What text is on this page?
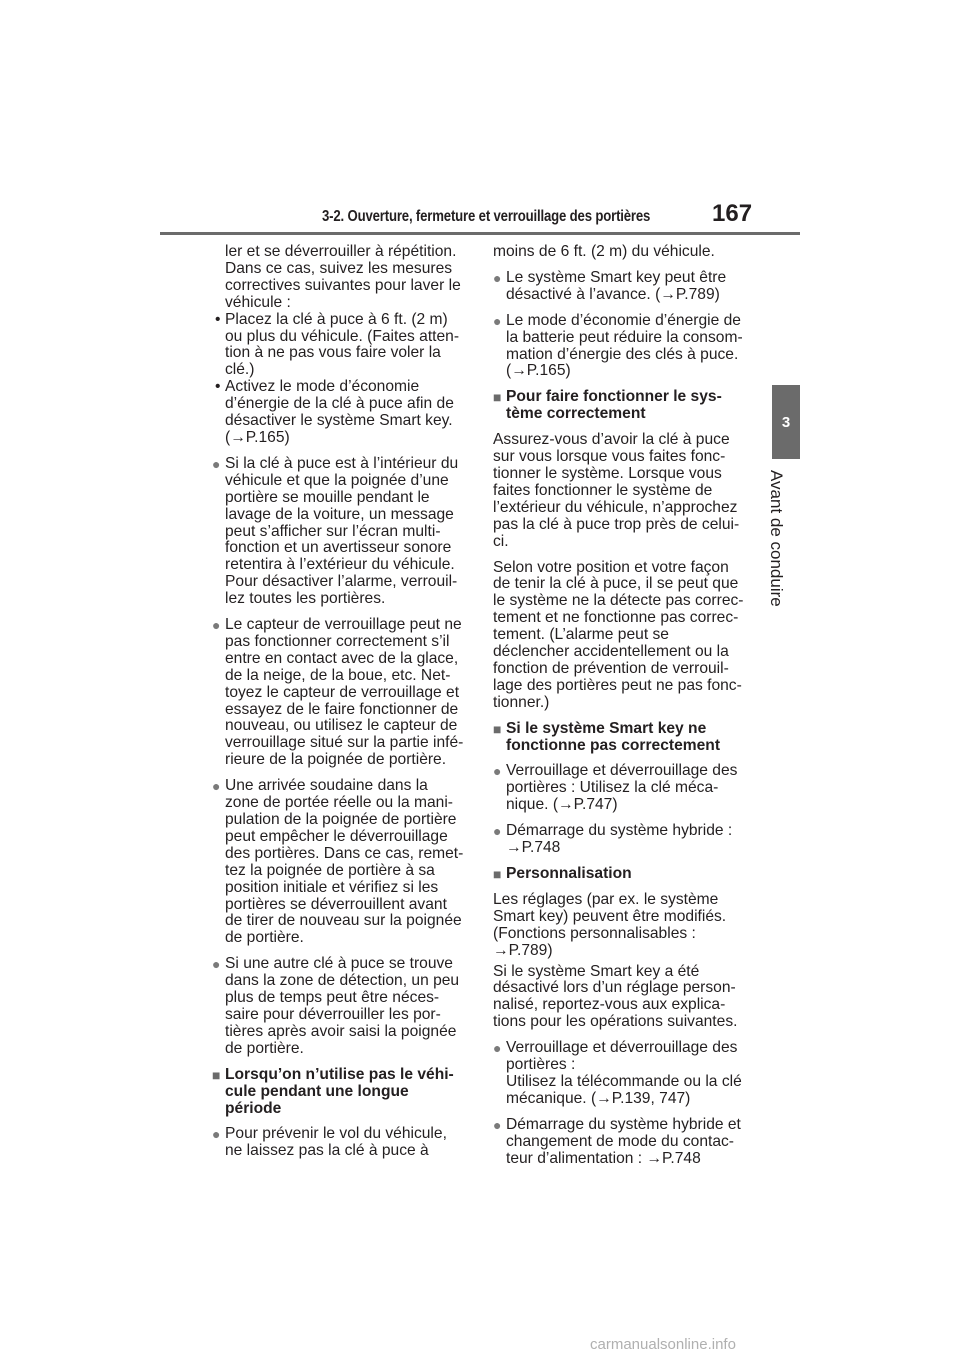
3-2. Ouverture, fermeture et verrouillage des portières	167
3
Avant de conduire

ler et se déverrouiller à répétition.

Dans ce cas, suivez les mesures

correctives suivantes pour laver le

véhicule :

• Placez la clé à puce à 6 ft. (2 m)

ou plus du véhicule. (Faites atten-

tion à ne pas vous faire voler la

clé.)

• Activez le mode d’économie

d’énergie de la clé à puce afin de

désactiver le système Smart key.

(→P.165)

● Si la clé à puce est à l’intérieur du

véhicule et que la poignée d’une

portière se mouille pendant le

lavage de la voiture, un message

peut s’afficher sur l’écran multi-

fonction et un avertisseur sonore

retentira à l’extérieur du véhicule.

Pour désactiver l’alarme, verrouil-

lez toutes les portières.

● Le capteur de verrouillage peut ne

pas fonctionner correctement s’il

entre en contact avec de la glace,

de la neige, de la boue, etc. Net-

toyez le capteur de verrouillage et

essayez de le faire fonctionner de

nouveau, ou utilisez le capteur de

verrouillage situé sur la partie infé-

rieure de la poignée de portière.

● Une arrivée soudaine dans la

zone de portée réelle ou la mani-

pulation de la poignée de portière

peut empêcher le déverrouillage

des portières. Dans ce cas, remet-

tez la poignée de portière à sa

position initiale et vérifiez si les

portières se déverrouillent avant

de tirer de nouveau sur la poignée

de portière.

● Si une autre clé à puce se trouve

dans la zone de détection, un peu

plus de temps peut être néces-

saire pour déverrouiller les por-

tières après avoir saisi la poignée

de portière.

■ Lorsqu’on n’utilise pas le véhi-

cule pendant une longue

période

● Pour prévenir le vol du véhicule,

ne laissez pas la clé à puce à

moins de 6 ft. (2 m) du véhicule.

● Le système Smart key peut être

désactivé à l’avance. (→P.789)

● Le mode d’économie d’énergie de

la batterie peut réduire la consom-

mation d’énergie des clés à puce.

(→P.165)

■ Pour faire fonctionner le sys-

tème correctement

Assurez-vous d’avoir la clé à puce

sur vous lorsque vous faites fonc-

tionner le système. Lorsque vous

faites fonctionner le système de

l’extérieur du véhicule, n’approchez

pas la clé à puce trop près de celui-

ci.

Selon votre position et votre façon

de tenir la clé à puce, il se peut que

le système ne la détecte pas correc-

tement et ne fonctionne pas correc-

tement. (L’alarme peut se

déclencher accidentellement ou la

fonction de prévention de verrouil-

lage des portières peut ne pas fonc-

tionner.)

■ Si le système Smart key ne

fonctionne pas correctement

● Verrouillage et déverrouillage des

portières : Utilisez la clé méca-

nique. (→P.747)

● Démarrage du système hybride :

→P.748

■ Personnalisation

Les réglages (par ex. le système

Smart key) peuvent être modifiés.

(Fonctions personnalisables :

→P.789)

Si le système Smart key a été

désactivé lors d’un réglage person-

nalisé, reportez-vous aux explica-

tions pour les opérations suivantes.

● Verrouillage et déverrouillage des

portières :

Utilisez la télécommande ou la clé

mécanique. (→P.139, 747)

● Démarrage du système hybride et

changement de mode du contac-

teur d’alimentation : →P.748

carmanualsonline.info
